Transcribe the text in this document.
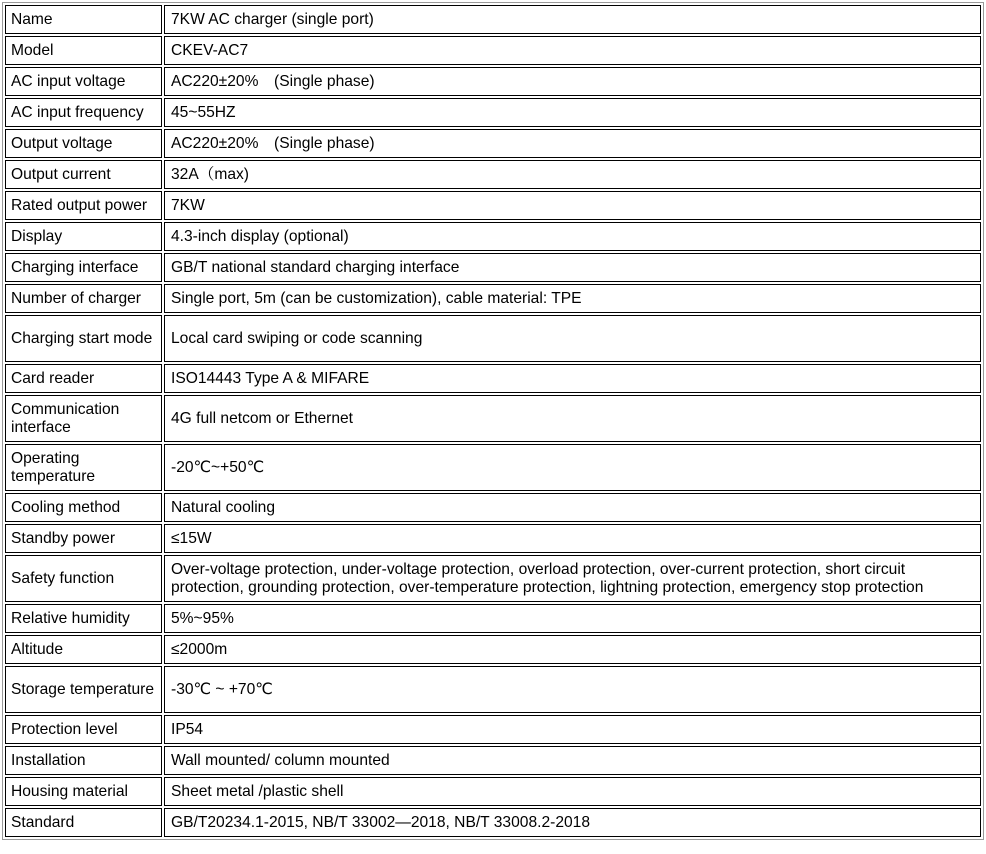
Name	7KW AC charger (single port)
Model	CKEV-AC7
AC input voltage	AC220±20%　(Single phase)
AC input frequency	45~55HZ
Output voltage	AC220±20%　(Single phase)
Output current	32A（max)
Rated output power	7KW
Display	4.3-inch display (optional)
Charging interface	GB/T national standard charging interface
Number of charger	Single port, 5m (can be customization), cable material: TPE
Charging start mode	Local card swiping or code scanning
Card reader	ISO14443 Type A & MIFARE
Communication interface	4G full netcom or Ethernet
Operating temperature	-20℃~+50℃
Cooling method	Natural cooling
Standby power	≤15W
Safety function	Over-voltage protection, under-voltage protection, overload protection, over-current protection, short circuit protection, grounding protection, over-temperature protection, lightning protection, emergency stop protection
Relative humidity	5%~95%
Altitude	≤2000m
Storage temperature	-30℃ ~ +70℃
Protection level	IP54
Installation	Wall mounted/ column mounted
Housing material	Sheet metal /plastic shell
Standard	GB/T20234.1-2015, NB/T 33002—2018, NB/T 33008.2-2018
